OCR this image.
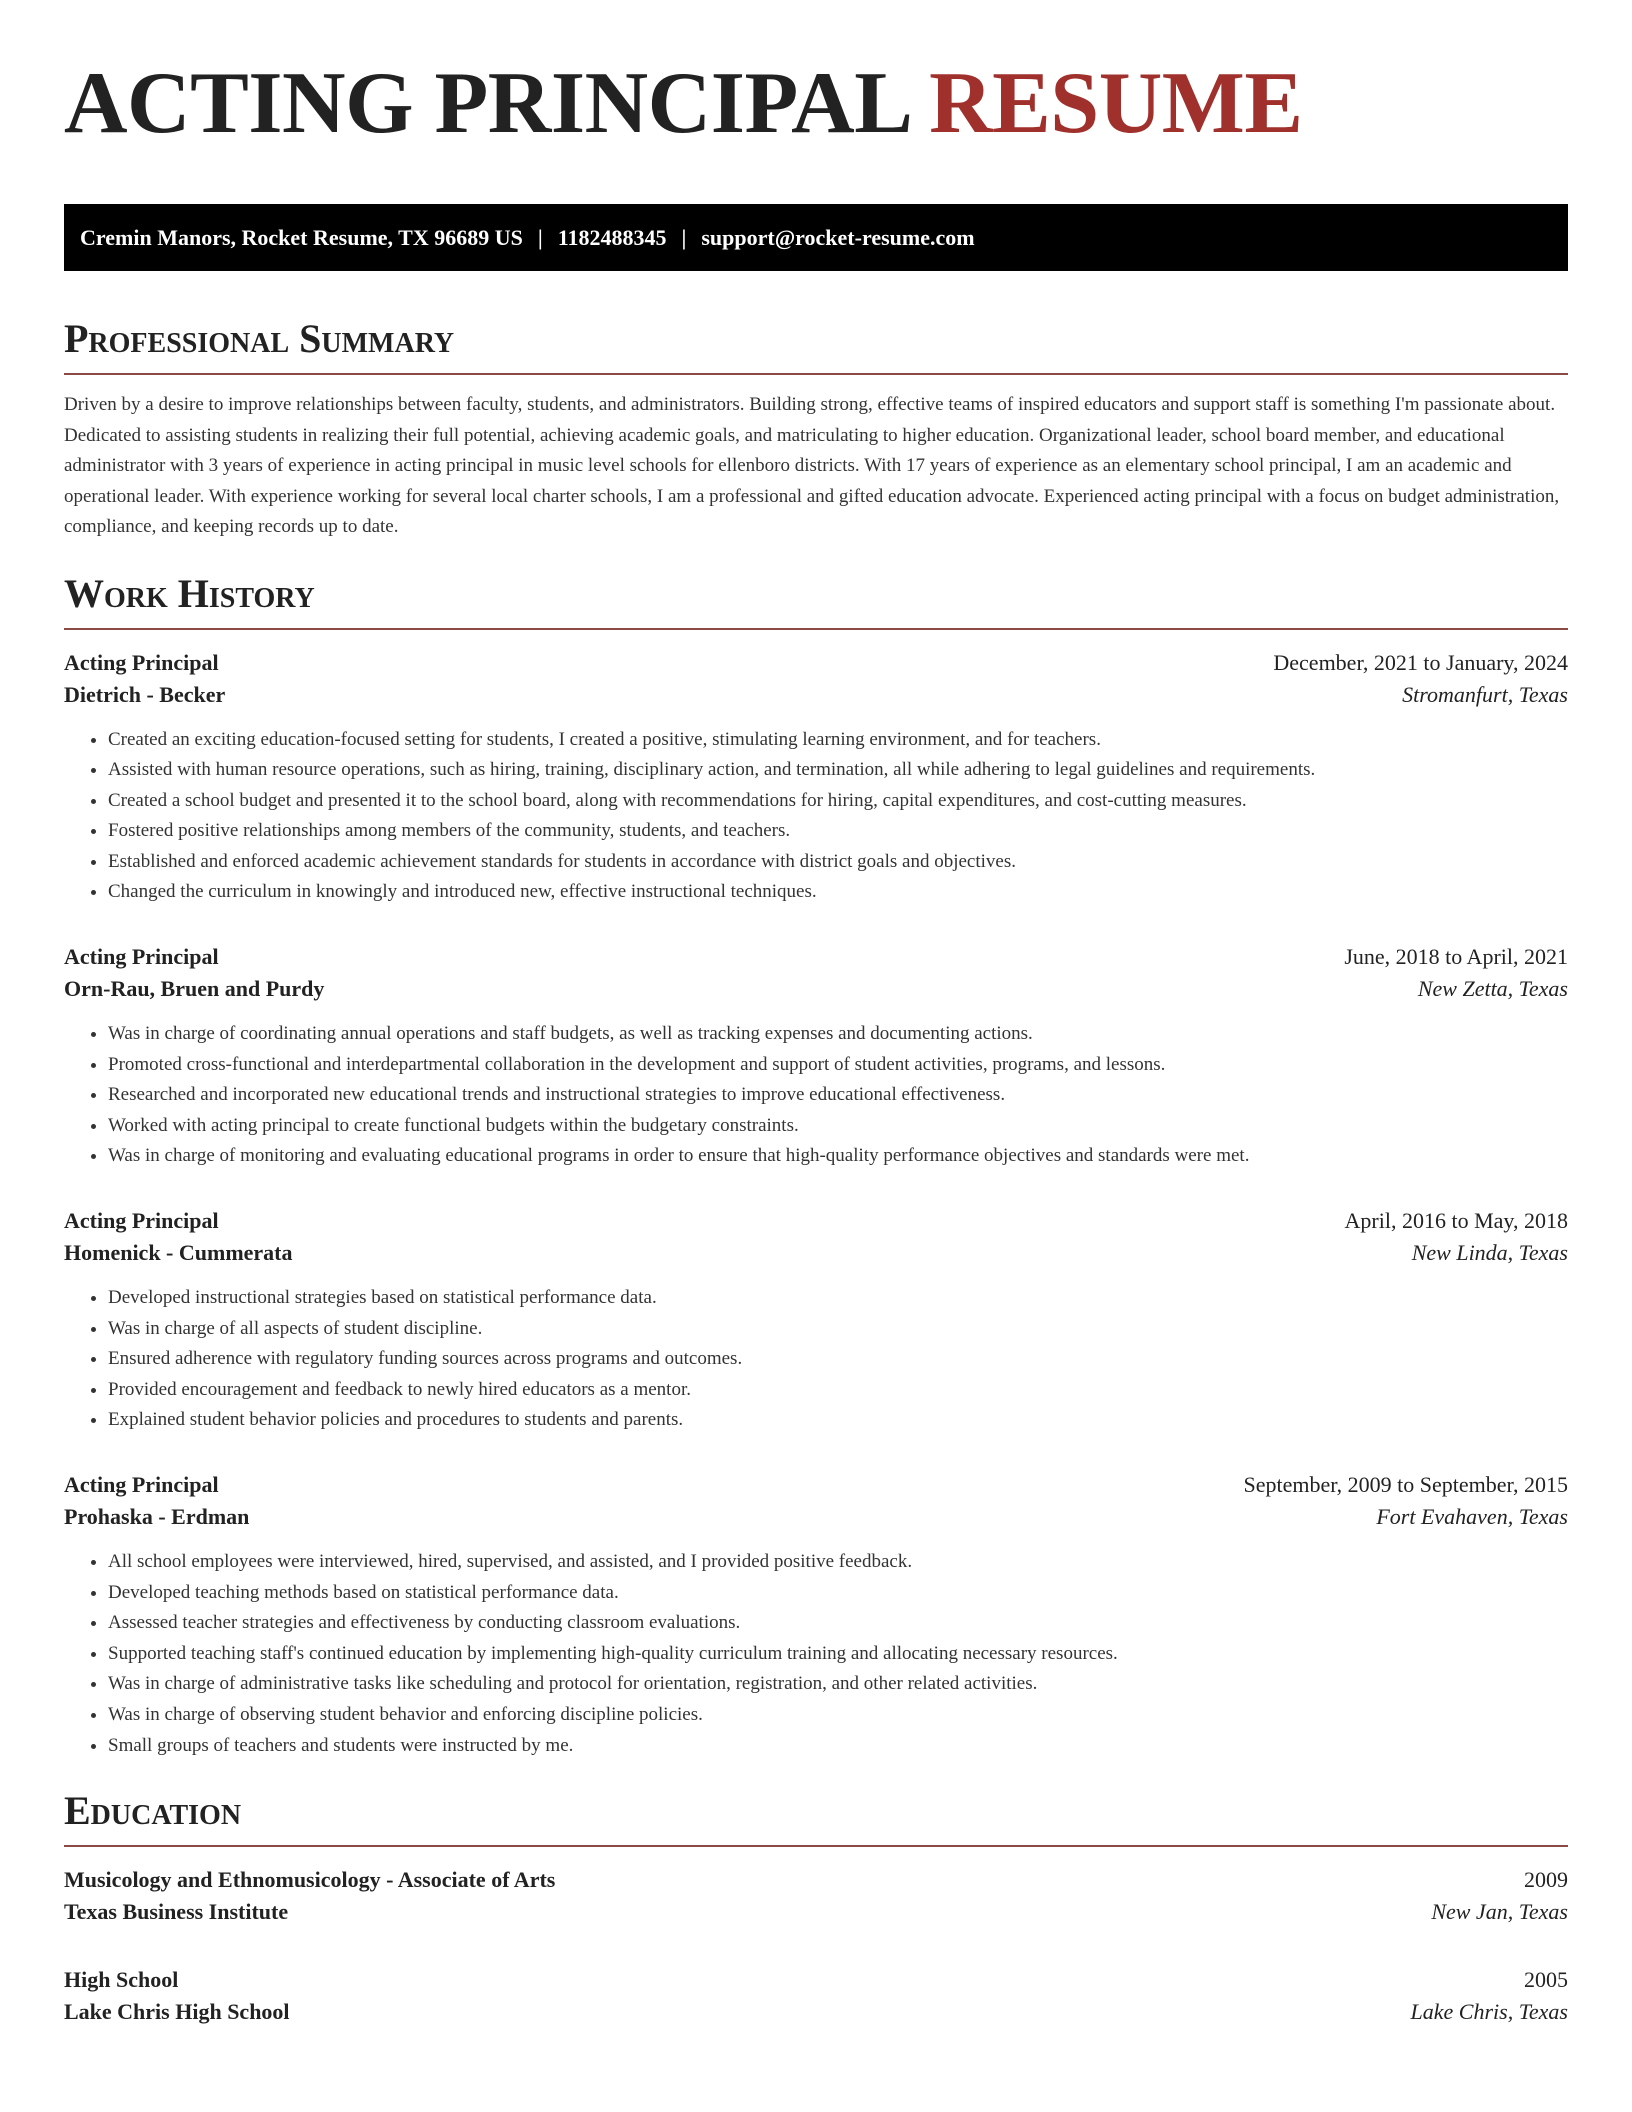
ACTING PRINCIPAL RESUME
Cremin Manors, Rocket Resume, TX 96689 US | 1182488345 | support@rocket-resume.com
Professional Summary

Driven by a desire to improve relationships between faculty, students, and administrators. Building strong, effective teams of inspired educators and support staff is something I'm passionate about. Dedicated to assisting students in realizing their full potential, achieving academic goals, and matriculating to higher education. Organizational leader, school board member, and educational administrator with 3 years of experience in acting principal in music level schools for ellenboro districts. With 17 years of experience as an elementary school principal, I am an academic and operational leader. With experience working for several local charter schools, I am a professional and gifted education advocate. Experienced acting principal with a focus on budget administration, compliance, and keeping records up to date.

Work History
Acting Principal	December, 2021 to January, 2024
Dietrich - Becker	Stromanfurt, Texas
• Created an exciting education-focused setting for students, I created a positive, stimulating learning environment, and for teachers.
• Assisted with human resource operations, such as hiring, training, disciplinary action, and termination, all while adhering to legal guidelines and requirements.
• Created a school budget and presented it to the school board, along with recommendations for hiring, capital expenditures, and cost-cutting measures.
• Fostered positive relationships among members of the community, students, and teachers.
• Established and enforced academic achievement standards for students in accordance with district goals and objectives.
• Changed the curriculum in knowingly and introduced new, effective instructional techniques.
Acting Principal	June, 2018 to April, 2021
Orn-Rau, Bruen and Purdy	New Zetta, Texas
• Was in charge of coordinating annual operations and staff budgets, as well as tracking expenses and documenting actions.
• Promoted cross-functional and interdepartmental collaboration in the development and support of student activities, programs, and lessons.
• Researched and incorporated new educational trends and instructional strategies to improve educational effectiveness.
• Worked with acting principal to create functional budgets within the budgetary constraints.
• Was in charge of monitoring and evaluating educational programs in order to ensure that high-quality performance objectives and standards were met.
Acting Principal	April, 2016 to May, 2018
Homenick - Cummerata	New Linda, Texas
• Developed instructional strategies based on statistical performance data.
• Was in charge of all aspects of student discipline.
• Ensured adherence with regulatory funding sources across programs and outcomes.
• Provided encouragement and feedback to newly hired educators as a mentor.
• Explained student behavior policies and procedures to students and parents.
Acting Principal	September, 2009 to September, 2015
Prohaska - Erdman	Fort Evahaven, Texas
• All school employees were interviewed, hired, supervised, and assisted, and I provided positive feedback.
• Developed teaching methods based on statistical performance data.
• Assessed teacher strategies and effectiveness by conducting classroom evaluations.
• Supported teaching staff's continued education by implementing high-quality curriculum training and allocating necessary resources.
• Was in charge of administrative tasks like scheduling and protocol for orientation, registration, and other related activities.
• Was in charge of observing student behavior and enforcing discipline policies.
• Small groups of teachers and students were instructed by me.
Education
Musicology and Ethnomusicology - Associate of Arts	2009
Texas Business Institute	New Jan, Texas
High School	2005
Lake Chris High School	Lake Chris, Texas
